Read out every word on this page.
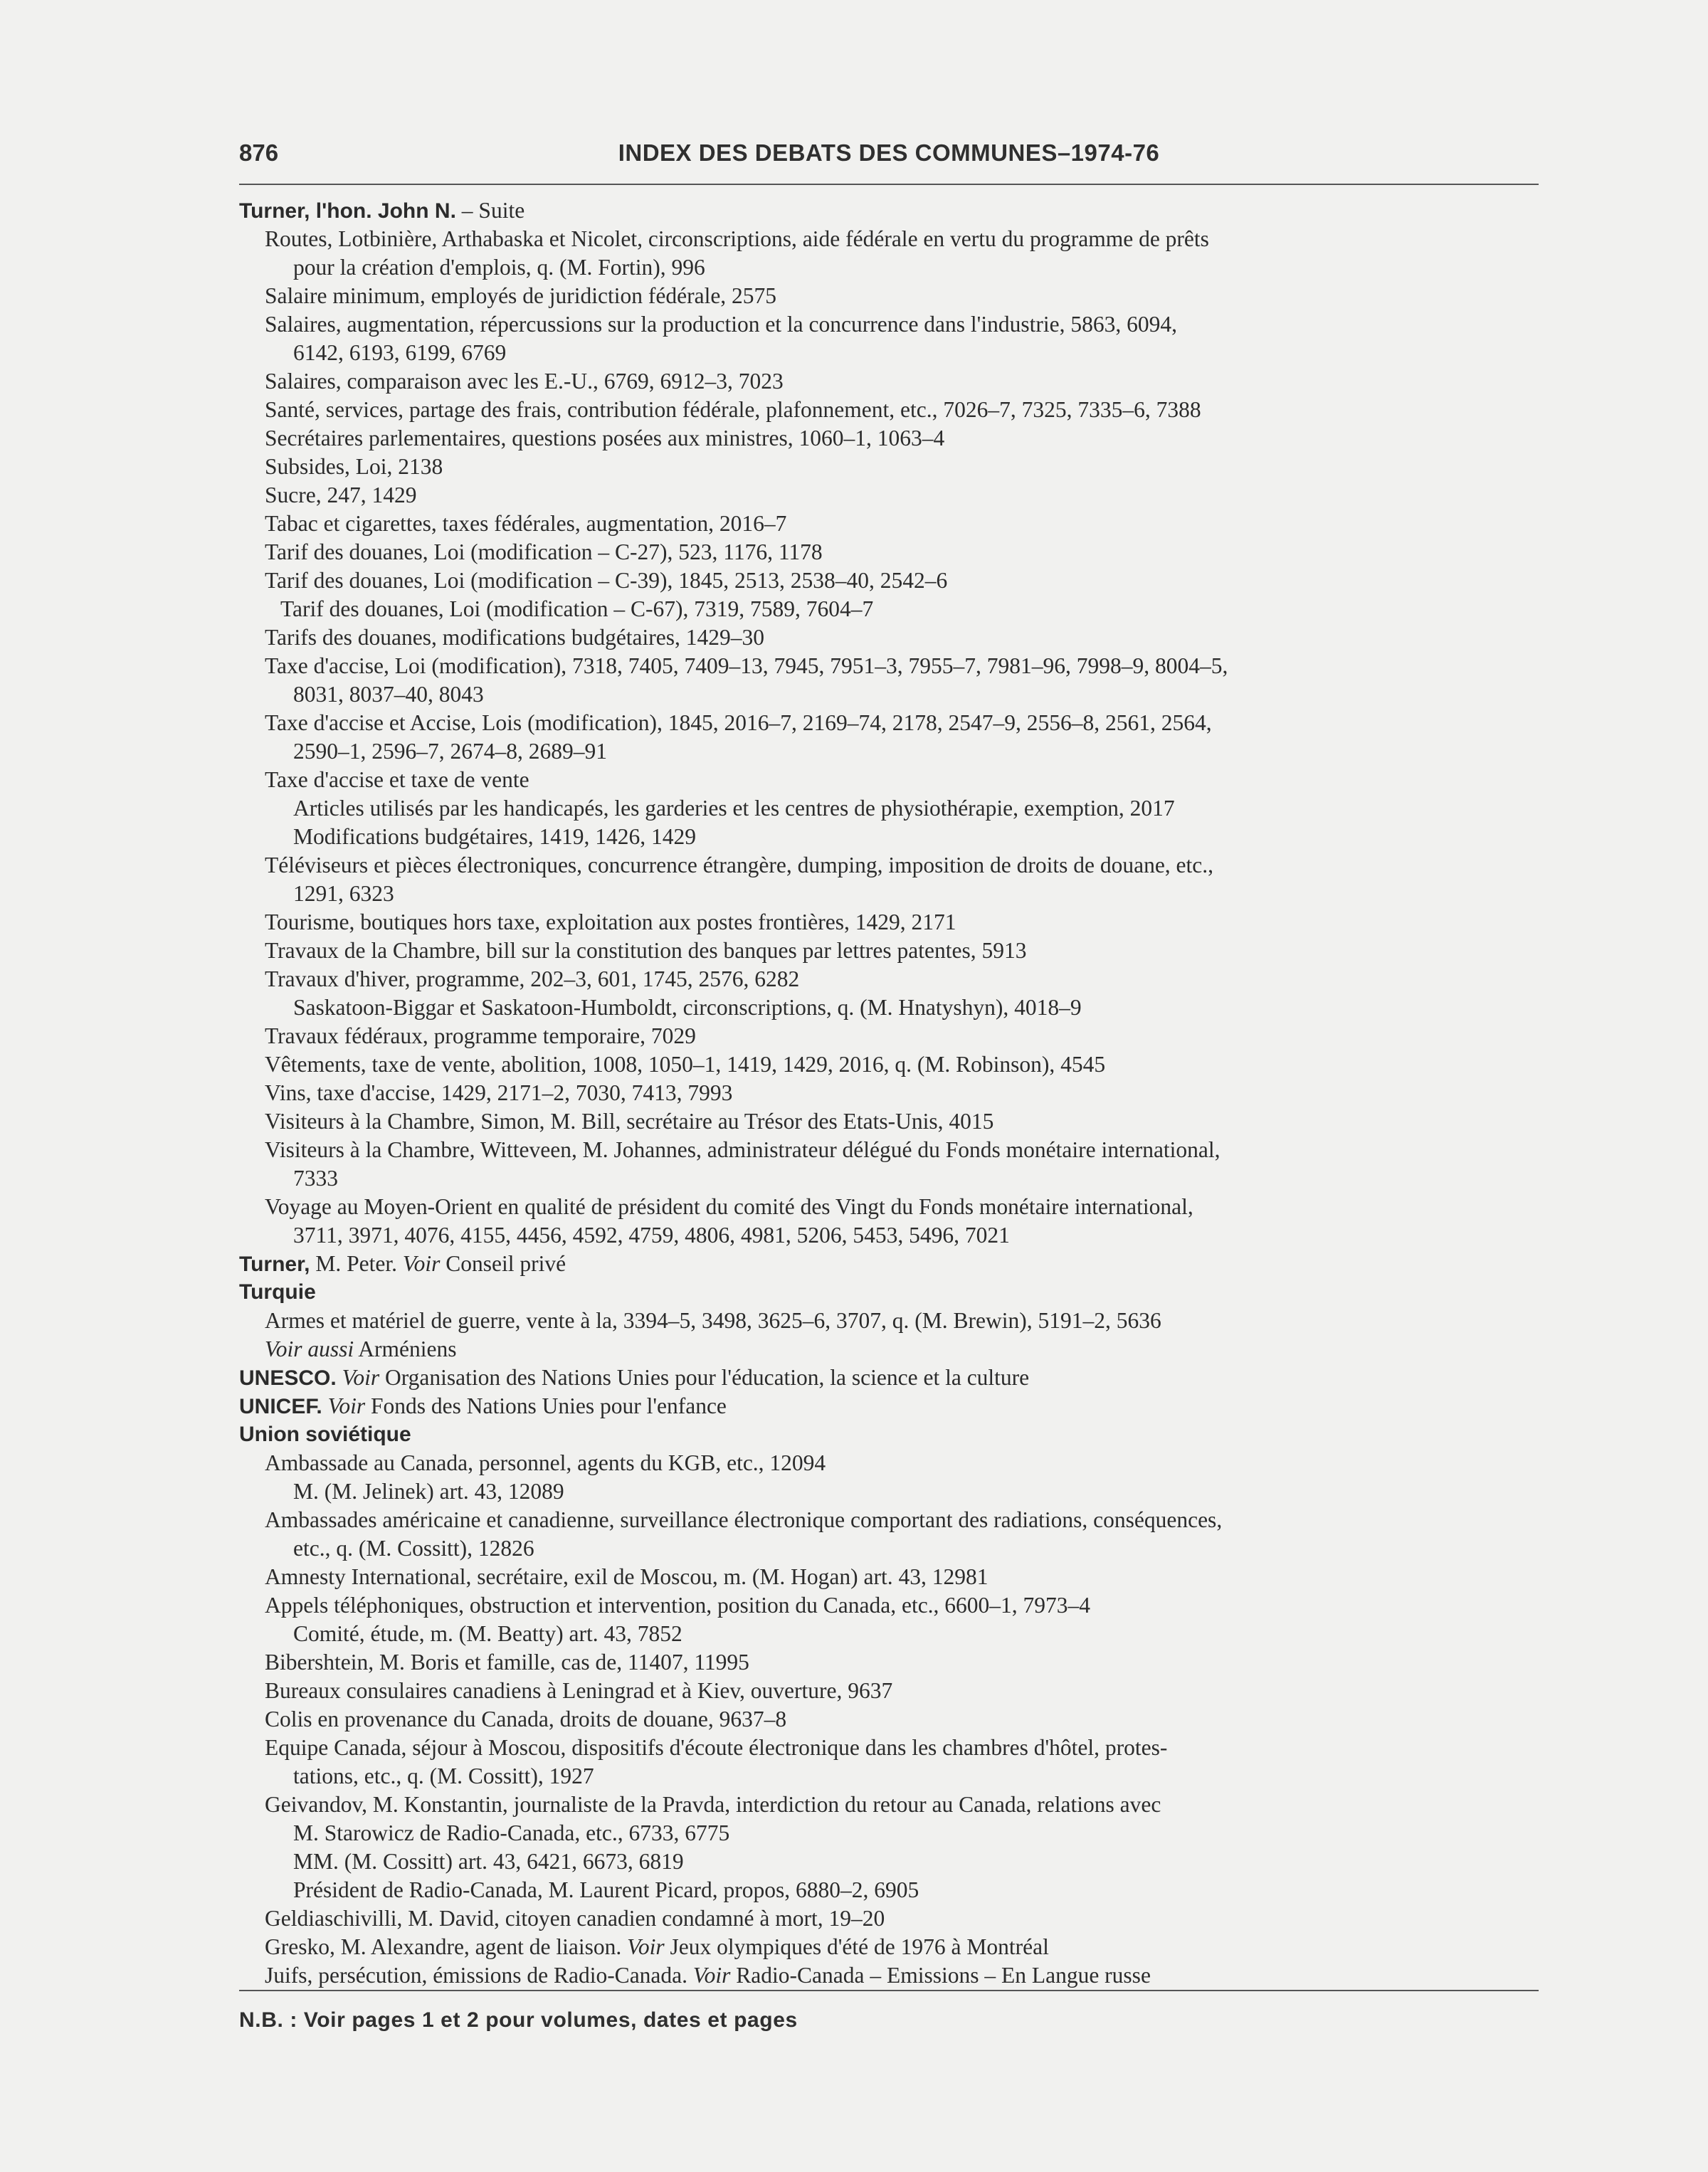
876	INDEX DES DEBATS DES COMMUNES–1974-76
Turner, l'hon. John N. – Suite
Routes, Lotbinière, Arthabaska et Nicolet, circonscriptions, aide fédérale en vertu du programme de prêts
pour la création d'emplois, q. (M. Fortin), 996
Salaire minimum, employés de juridiction fédérale, 2575
Salaires, augmentation, répercussions sur la production et la concurrence dans l'industrie, 5863, 6094,
6142, 6193, 6199, 6769
Salaires, comparaison avec les E.-U., 6769, 6912–3, 7023
Santé, services, partage des frais, contribution fédérale, plafonnement, etc., 7026–7, 7325, 7335–6, 7388
Secrétaires parlementaires, questions posées aux ministres, 1060–1, 1063–4
Subsides, Loi, 2138
Sucre, 247, 1429
Tabac et cigarettes, taxes fédérales, augmentation, 2016–7
Tarif des douanes, Loi (modification – C-27), 523, 1176, 1178
Tarif des douanes, Loi (modification – C-39), 1845, 2513, 2538–40, 2542–6
Tarif des douanes, Loi (modification – C-67), 7319, 7589, 7604–7
Tarifs des douanes, modifications budgétaires, 1429–30
Taxe d'accise, Loi (modification), 7318, 7405, 7409–13, 7945, 7951–3, 7955–7, 7981–96, 7998–9, 8004–5,
8031, 8037–40, 8043
Taxe d'accise et Accise, Lois (modification), 1845, 2016–7, 2169–74, 2178, 2547–9, 2556–8, 2561, 2564,
2590–1, 2596–7, 2674–8, 2689–91
Taxe d'accise et taxe de vente
Articles utilisés par les handicapés, les garderies et les centres de physiothérapie, exemption, 2017
Modifications budgétaires, 1419, 1426, 1429
Téléviseurs et pièces électroniques, concurrence étrangère, dumping, imposition de droits de douane, etc.,
1291, 6323
Tourisme, boutiques hors taxe, exploitation aux postes frontières, 1429, 2171
Travaux de la Chambre, bill sur la constitution des banques par lettres patentes, 5913
Travaux d'hiver, programme, 202–3, 601, 1745, 2576, 6282
Saskatoon-Biggar et Saskatoon-Humboldt, circonscriptions, q. (M. Hnatyshyn), 4018–9
Travaux fédéraux, programme temporaire, 7029
Vêtements, taxe de vente, abolition, 1008, 1050–1, 1419, 1429, 2016, q. (M. Robinson), 4545
Vins, taxe d'accise, 1429, 2171–2, 7030, 7413, 7993
Visiteurs à la Chambre, Simon, M. Bill, secrétaire au Trésor des Etats-Unis, 4015
Visiteurs à la Chambre, Witteveen, M. Johannes, administrateur délégué du Fonds monétaire international,
7333
Voyage au Moyen-Orient en qualité de président du comité des Vingt du Fonds monétaire international,
3711, 3971, 4076, 4155, 4456, 4592, 4759, 4806, 4981, 5206, 5453, 5496, 7021
Turner, M. Peter. Voir Conseil privé
Turquie
Armes et matériel de guerre, vente à la, 3394–5, 3498, 3625–6, 3707, q. (M. Brewin), 5191–2, 5636
Voir aussi Arméniens
UNESCO. Voir Organisation des Nations Unies pour l'éducation, la science et la culture
UNICEF. Voir Fonds des Nations Unies pour l'enfance
Union soviétique
Ambassade au Canada, personnel, agents du KGB, etc., 12094
M. (M. Jelinek) art. 43, 12089
Ambassades américaine et canadienne, surveillance électronique comportant des radiations, conséquences,
etc., q. (M. Cossitt), 12826
Amnesty International, secrétaire, exil de Moscou, m. (M. Hogan) art. 43, 12981
Appels téléphoniques, obstruction et intervention, position du Canada, etc., 6600–1, 7973–4
Comité, étude, m. (M. Beatty) art. 43, 7852
Bibershtein, M. Boris et famille, cas de, 11407, 11995
Bureaux consulaires canadiens à Leningrad et à Kiev, ouverture, 9637
Colis en provenance du Canada, droits de douane, 9637–8
Equipe Canada, séjour à Moscou, dispositifs d'écoute électronique dans les chambres d'hôtel, protes-
tations, etc., q. (M. Cossitt), 1927
Geivandov, M. Konstantin, journaliste de la Pravda, interdiction du retour au Canada, relations avec
M. Starowicz de Radio-Canada, etc., 6733, 6775
MM. (M. Cossitt) art. 43, 6421, 6673, 6819
Président de Radio-Canada, M. Laurent Picard, propos, 6880–2, 6905
Geldiaschivilli, M. David, citoyen canadien condamné à mort, 19–20
Gresko, M. Alexandre, agent de liaison. Voir Jeux olympiques d'été de 1976 à Montréal
Juifs, persécution, émissions de Radio-Canada. Voir Radio-Canada – Emissions – En Langue russe
N.B. : Voir pages 1 et 2 pour volumes, dates et pages
